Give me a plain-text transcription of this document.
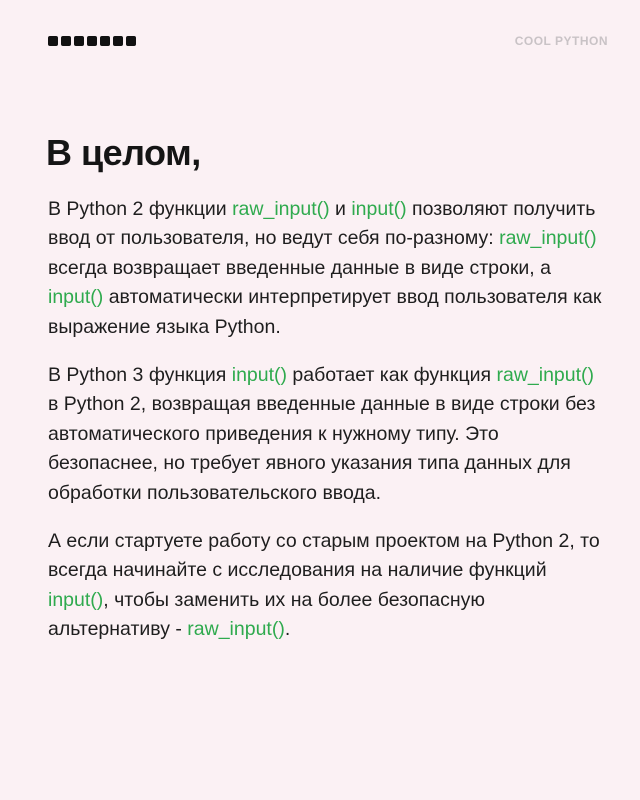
COOL PYTHON
В целом,

В Python 2 функции raw_input() и input() позволяют получить ввод от пользователя, но ведут себя по-разному: raw_input() всегда возвращает введенные данные в виде строки, а input() автоматически интерпретирует ввод пользователя как выражение языка Python.

В Python 3 функция input() работает как функция raw_input() в Python 2, возвращая введенные данные в виде строки без автоматического приведения к нужному типу. Это безопаснее, но требует явного указания типа данных для обработки пользовательского ввода.

А если стартуете работу со старым проектом на Python 2, то всегда начинайте с исследования на наличие функций input(), чтобы заменить их на более безопасную альтернативу - raw_input().
